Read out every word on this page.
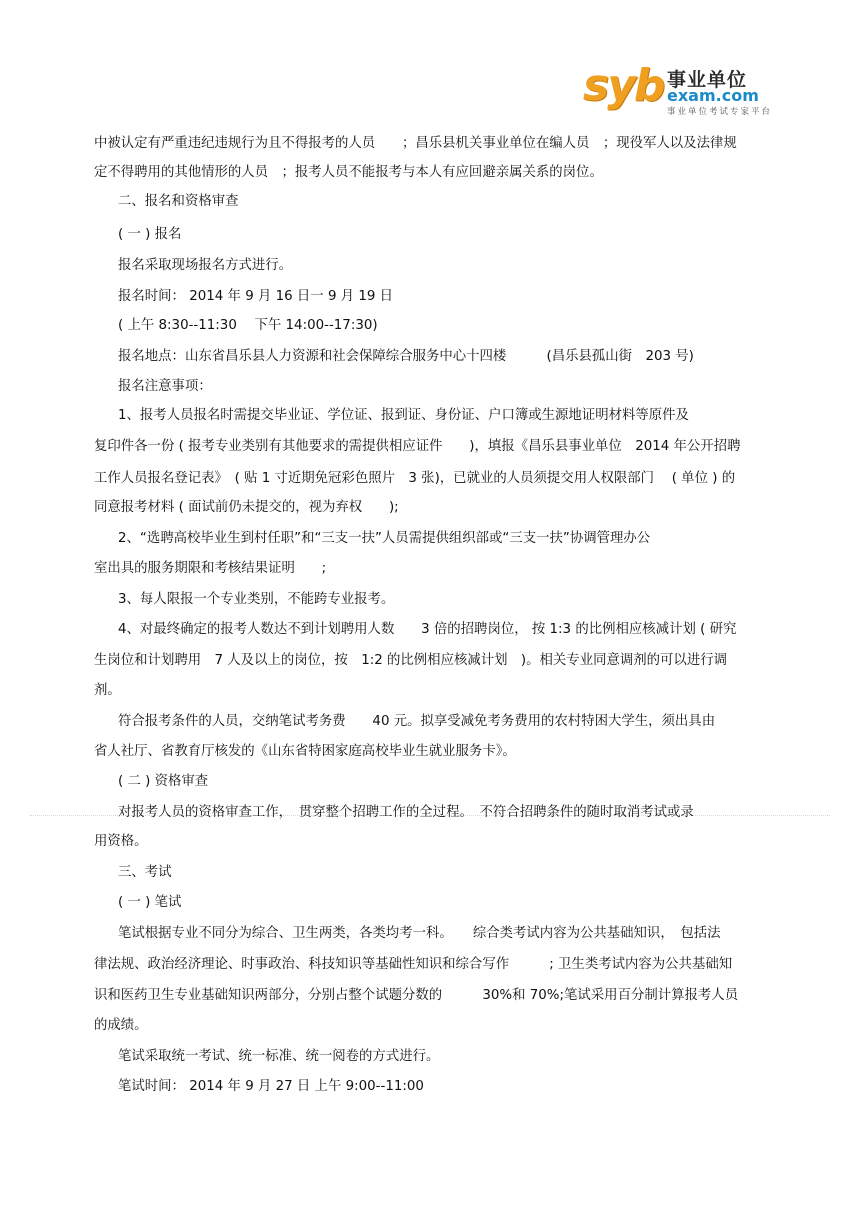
syb 事业单位
exam.com
事业单位考试专家平台
中被认定有严重违纪违规行为且不得报考的人员　　；昌乐县机关事业单位在编人员　；现役军人以及法律规
定不得聘用的其他情形的人员　；报考人员不能报考与本人有应回避亲属关系的岗位。
二、报名和资格审查
( 一 ) 报名
报名采取现场报名方式进行。
报名时间： 2014 年 9 月 16 日一 9 月 19 日
( 上午 8:30--11:30　 下午 14:00--17:30)
报名地点：山东省昌乐县人力资源和社会保障综合服务中心十四楼　　　(昌乐县孤山街　203 号)
报名注意事项：
1、报考人员报名时需提交毕业证、学位证、报到证、身份证、户口簿或生源地证明材料等原件及
复印件各一份 ( 报考专业类别有其他要求的需提供相应证件　　)，填报《昌乐县事业单位　2014 年公开招聘
工作人员报名登记表》　( 贴 1 寸近期免冠彩色照片　3 张)，已就业的人员须提交用人权限部门　 ( 单位 ) 的
同意报考材料 ( 面试前仍未提交的，视为弃权　　);
2、“选聘高校毕业生到村任职”和“三支一扶”人员需提供组织部或“三支一扶”协调管理办公
室出具的服务期限和考核结果证明　　;
3、每人限报一个专业类别，不能跨专业报考。
4、对最终确定的报考人数达不到计划聘用人数　　3 倍的招聘岗位， 按 1:3 的比例相应核减计划 ( 研究
生岗位和计划聘用　7 人及以上的岗位，按　1:2 的比例相应核减计划　)。相关专业同意调剂的可以进行调
剂。
符合报考条件的人员，交纳笔试考务费　　40 元。拟享受减免考务费用的农村特困大学生，须出具由
省人社厅、省教育厅核发的《山东省特困家庭高校毕业生就业服务卡》。
( 二 ) 资格审查
对报考人员的资格审查工作，　贯穿整个招聘工作的全过程。　不符合招聘条件的随时取消考试或录
用资格。
三、考试
( 一 ) 笔试
笔试根据专业不同分为综合、卫生两类，各类均考一科。　　综合类考试内容为公共基础知识，　包括法
律法规、政治经济理论、时事政治、科技知识等基础性知识和综合写作　　　; 卫生类考试内容为公共基础知
识和医药卫生专业基础知识两部分，分别占整个试题分数的　　　30%和 70%;笔试采用百分制计算报考人员
的成绩。
笔试采取统一考试、统一标准、统一阅卷的方式进行。
笔试时间： 2014 年 9 月 27 日 上午 9:00--11:00
